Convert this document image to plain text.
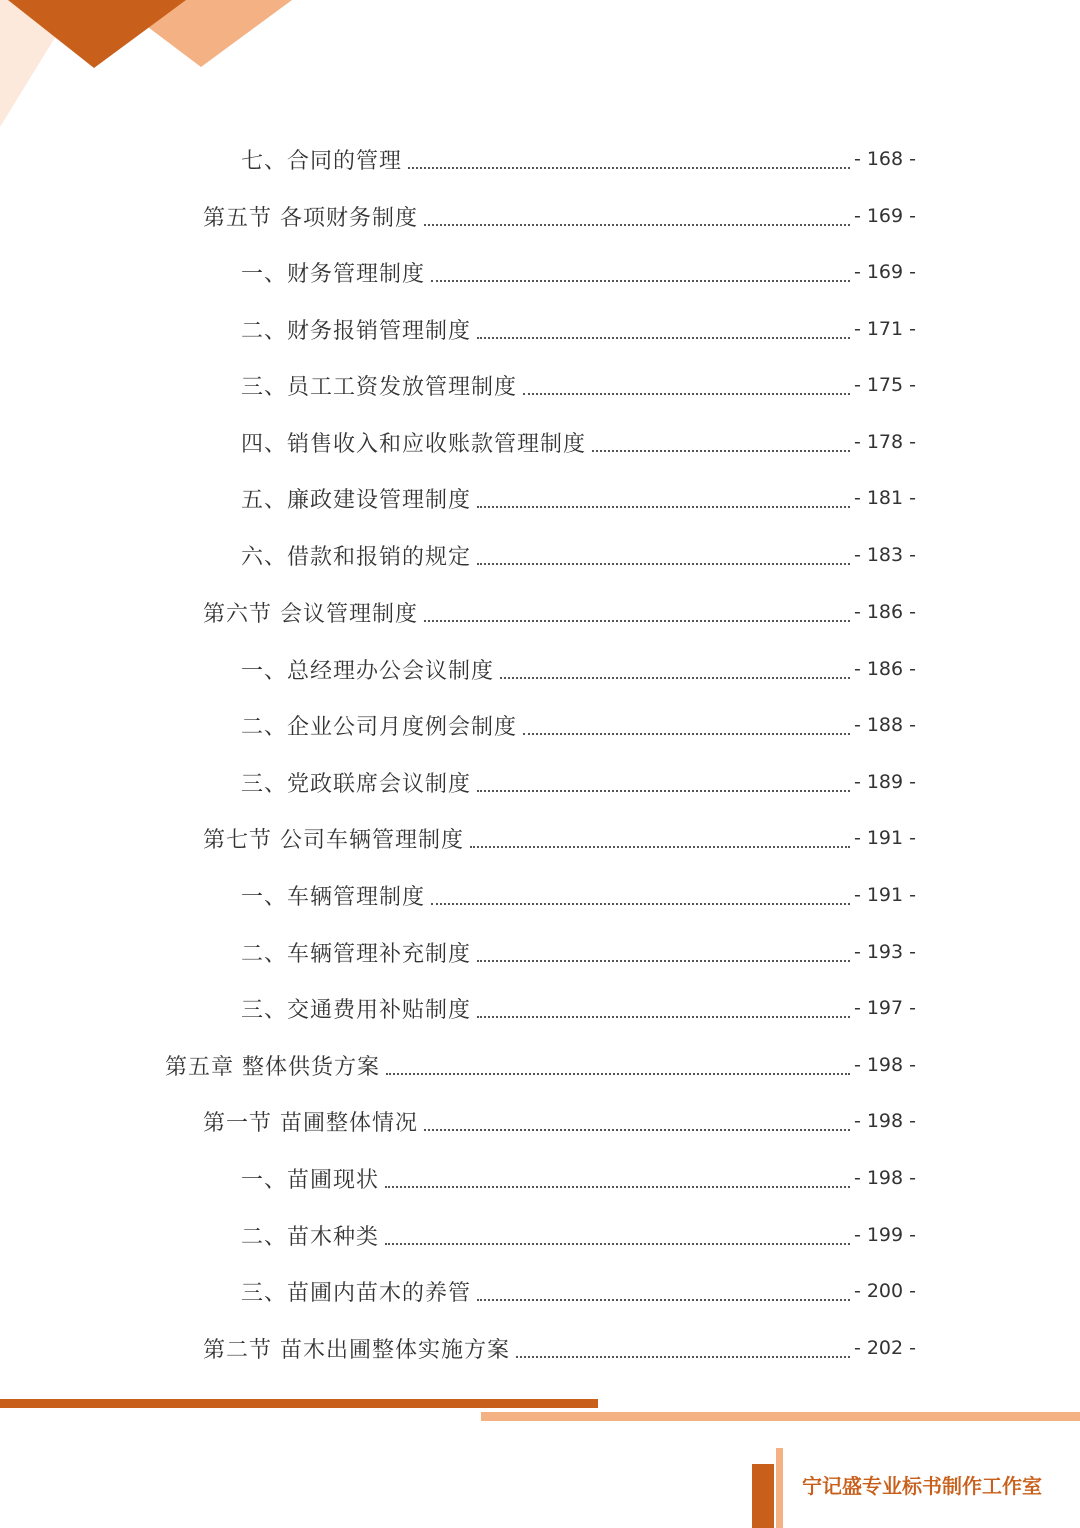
七、合同的管理	- 168 -
第五节 各项财务制度	- 169 -
一、财务管理制度	- 169 -
二、财务报销管理制度	- 171 -
三、员工工资发放管理制度	- 175 -
四、销售收入和应收账款管理制度	- 178 -
五、廉政建设管理制度	- 181 -
六、借款和报销的规定	- 183 -
第六节 会议管理制度	- 186 -
一、总经理办公会议制度	- 186 -
二、企业公司月度例会制度	- 188 -
三、党政联席会议制度	- 189 -
第七节 公司车辆管理制度	- 191 -
一、车辆管理制度	- 191 -
二、车辆管理补充制度	- 193 -
三、交通费用补贴制度	- 197 -
第五章 整体供货方案	- 198 -
第一节 苗圃整体情况	- 198 -
一、苗圃现状	- 198 -
二、苗木种类	- 199 -
三、苗圃内苗木的养管	- 200 -
第二节 苗木出圃整体实施方案	- 202 -
宁记盛专业标书制作工作室
